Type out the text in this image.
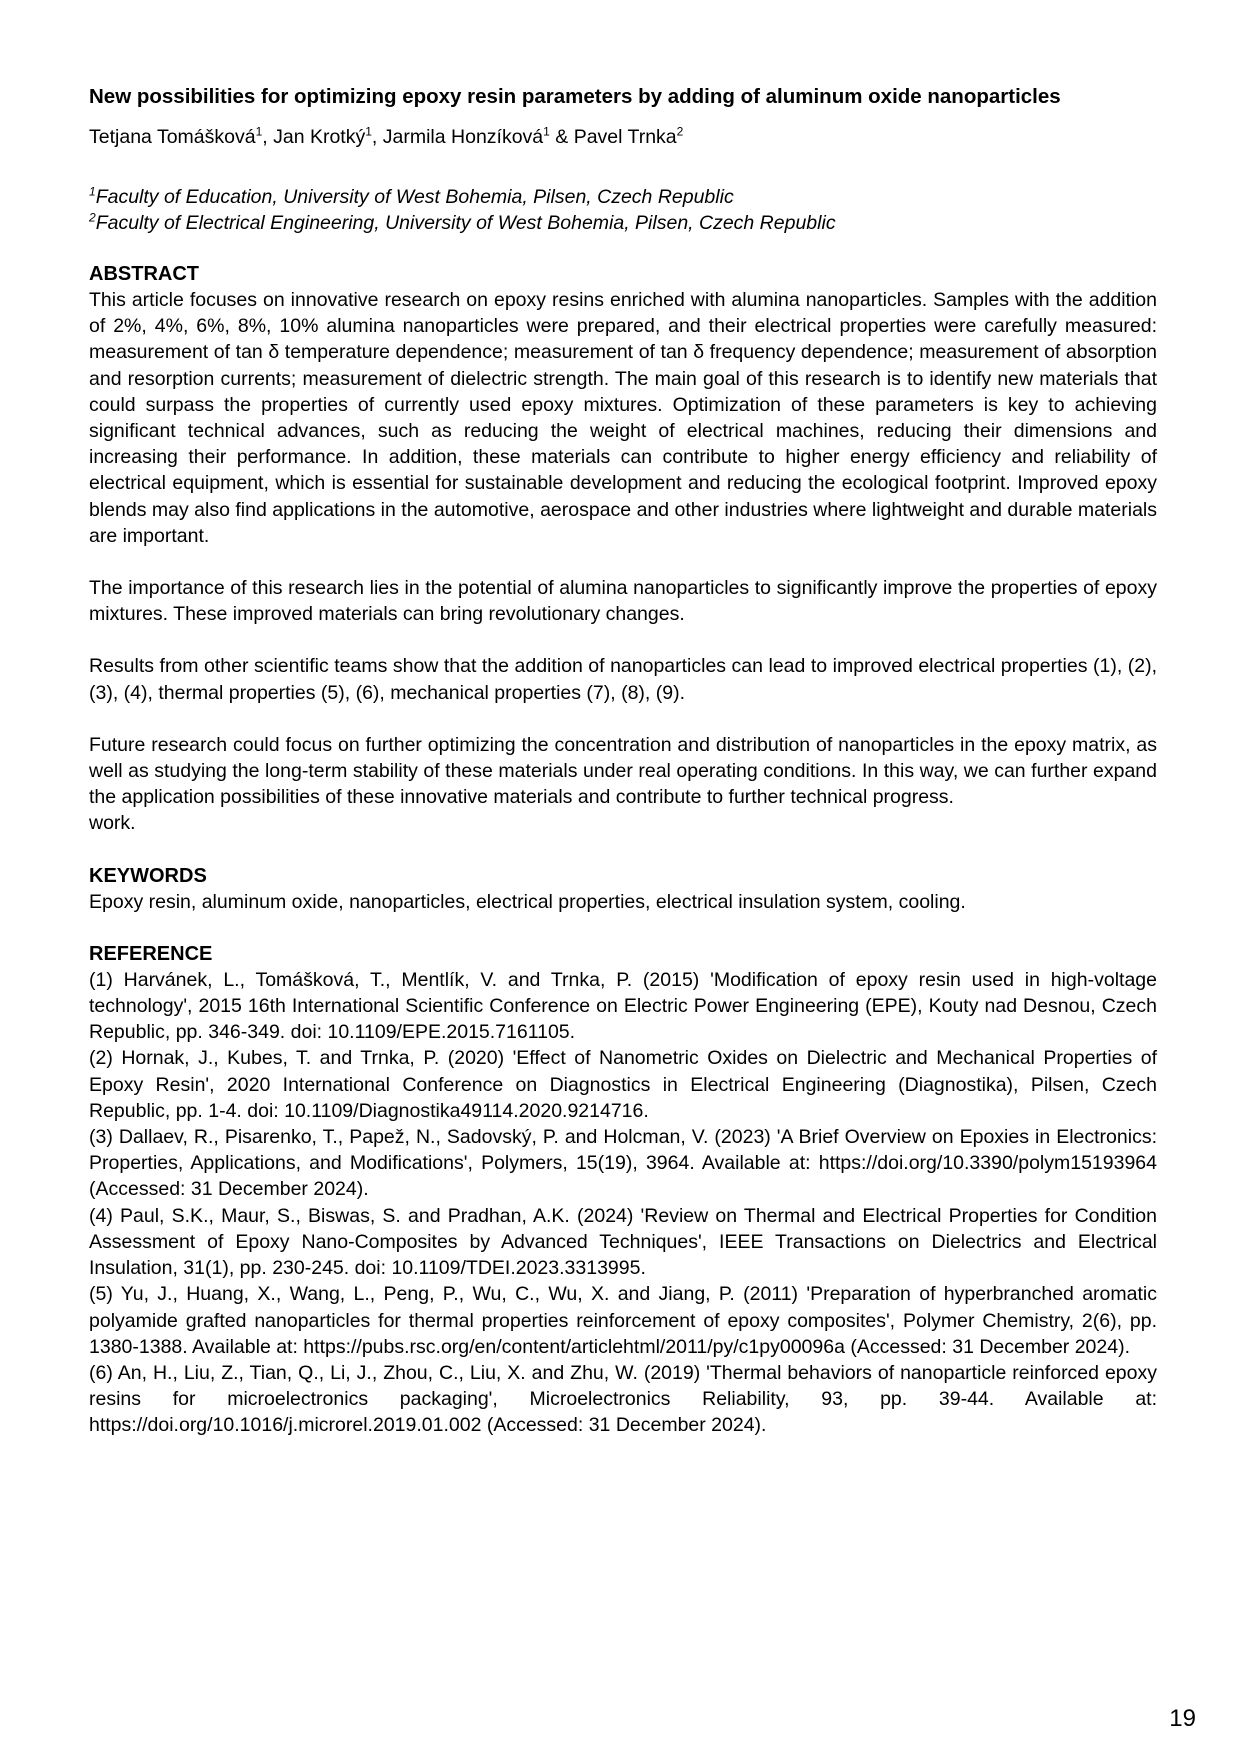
New possibilities for optimizing epoxy resin parameters by adding of aluminum oxide nanoparticles

Tetjana Tomášková$^1$, Jan Krotký$^1$, Jarmila Honzíková$^1$ & Pavel Trnka$^2$

$^1$Faculty of Education, University of West Bohemia, Pilsen, Czech Republic

$^2$Faculty of Electrical Engineering, University of West Bohemia, Pilsen, Czech Republic

ABSTRACT

This article focuses on innovative research on epoxy resins enriched with alumina nanoparticles. Samples with the addition of 2%, 4%, 6%, 8%, 10% alumina nanoparticles were prepared, and their electrical properties were carefully measured: measurement of tan δ temperature dependence; measurement of tan δ frequency dependence; measurement of absorption and resorption currents; measurement of dielectric strength. The main goal of this research is to identify new materials that could surpass the properties of currently used epoxy mixtures. Optimization of these parameters is key to achieving significant technical advances, such as reducing the weight of electrical machines, reducing their dimensions and increasing their performance. In addition, these materials can contribute to higher energy efficiency and reliability of electrical equipment, which is essential for sustainable development and reducing the ecological footprint. Improved epoxy blends may also find applications in the automotive, aerospace and other industries where lightweight and durable materials are important.

The importance of this research lies in the potential of alumina nanoparticles to significantly improve the properties of epoxy mixtures. These improved materials can bring revolutionary changes.

Results from other scientific teams show that the addition of nanoparticles can lead to improved electrical properties (1), (2), (3), (4), thermal properties (5), (6), mechanical properties (7), (8), (9).

Future research could focus on further optimizing the concentration and distribution of nanoparticles in the epoxy matrix, as well as studying the long-term stability of these materials under real operating conditions. In this way, we can further expand the application possibilities of these innovative materials and contribute to further technical progress.

work.

KEYWORDS

Epoxy resin, aluminum oxide, nanoparticles, electrical properties, electrical insulation system, cooling.

REFERENCE

(1) Harvánek, L., Tomášková, T., Mentlík, V. and Trnka, P. (2015) 'Modification of epoxy resin used in high-voltage technology', 2015 16th International Scientific Conference on Electric Power Engineering (EPE), Kouty nad Desnou, Czech Republic, pp. 346-349. doi: 10.1109/EPE.2015.7161105.

(2) Hornak, J., Kubes, T. and Trnka, P. (2020) 'Effect of Nanometric Oxides on Dielectric and Mechanical Properties of Epoxy Resin', 2020 International Conference on Diagnostics in Electrical Engineering (Diagnostika), Pilsen, Czech Republic, pp. 1-4. doi: 10.1109/Diagnostika49114.2020.9214716.

(3) Dallaev, R., Pisarenko, T., Papež, N., Sadovský, P. and Holcman, V. (2023) 'A Brief Overview on Epoxies in Electronics: Properties, Applications, and Modifications', Polymers, 15(19), 3964. Available at: https://doi.org/10.3390/polym15193964 (Accessed: 31 December 2024).

(4) Paul, S.K., Maur, S., Biswas, S. and Pradhan, A.K. (2024) 'Review on Thermal and Electrical Properties for Condition Assessment of Epoxy Nano-Composites by Advanced Techniques', IEEE Transactions on Dielectrics and Electrical Insulation, 31(1), pp. 230-245. doi: 10.1109/TDEI.2023.3313995.

(5) Yu, J., Huang, X., Wang, L., Peng, P., Wu, C., Wu, X. and Jiang, P. (2011) 'Preparation of hyperbranched aromatic polyamide grafted nanoparticles for thermal properties reinforcement of epoxy composites', Polymer Chemistry, 2(6), pp. 1380-1388. Available at: https://pubs.rsc.org/en/content/articlehtml/2011/py/c1py00096a (Accessed: 31 December 2024).

(6) An, H., Liu, Z., Tian, Q., Li, J., Zhou, C., Liu, X. and Zhu, W. (2019) 'Thermal behaviors of nanoparticle reinforced epoxy resins for microelectronics packaging', Microelectronics Reliability, 93, pp. 39-44. Available at: https://doi.org/10.1016/j.microrel.2019.01.002 (Accessed: 31 December 2024).

19
